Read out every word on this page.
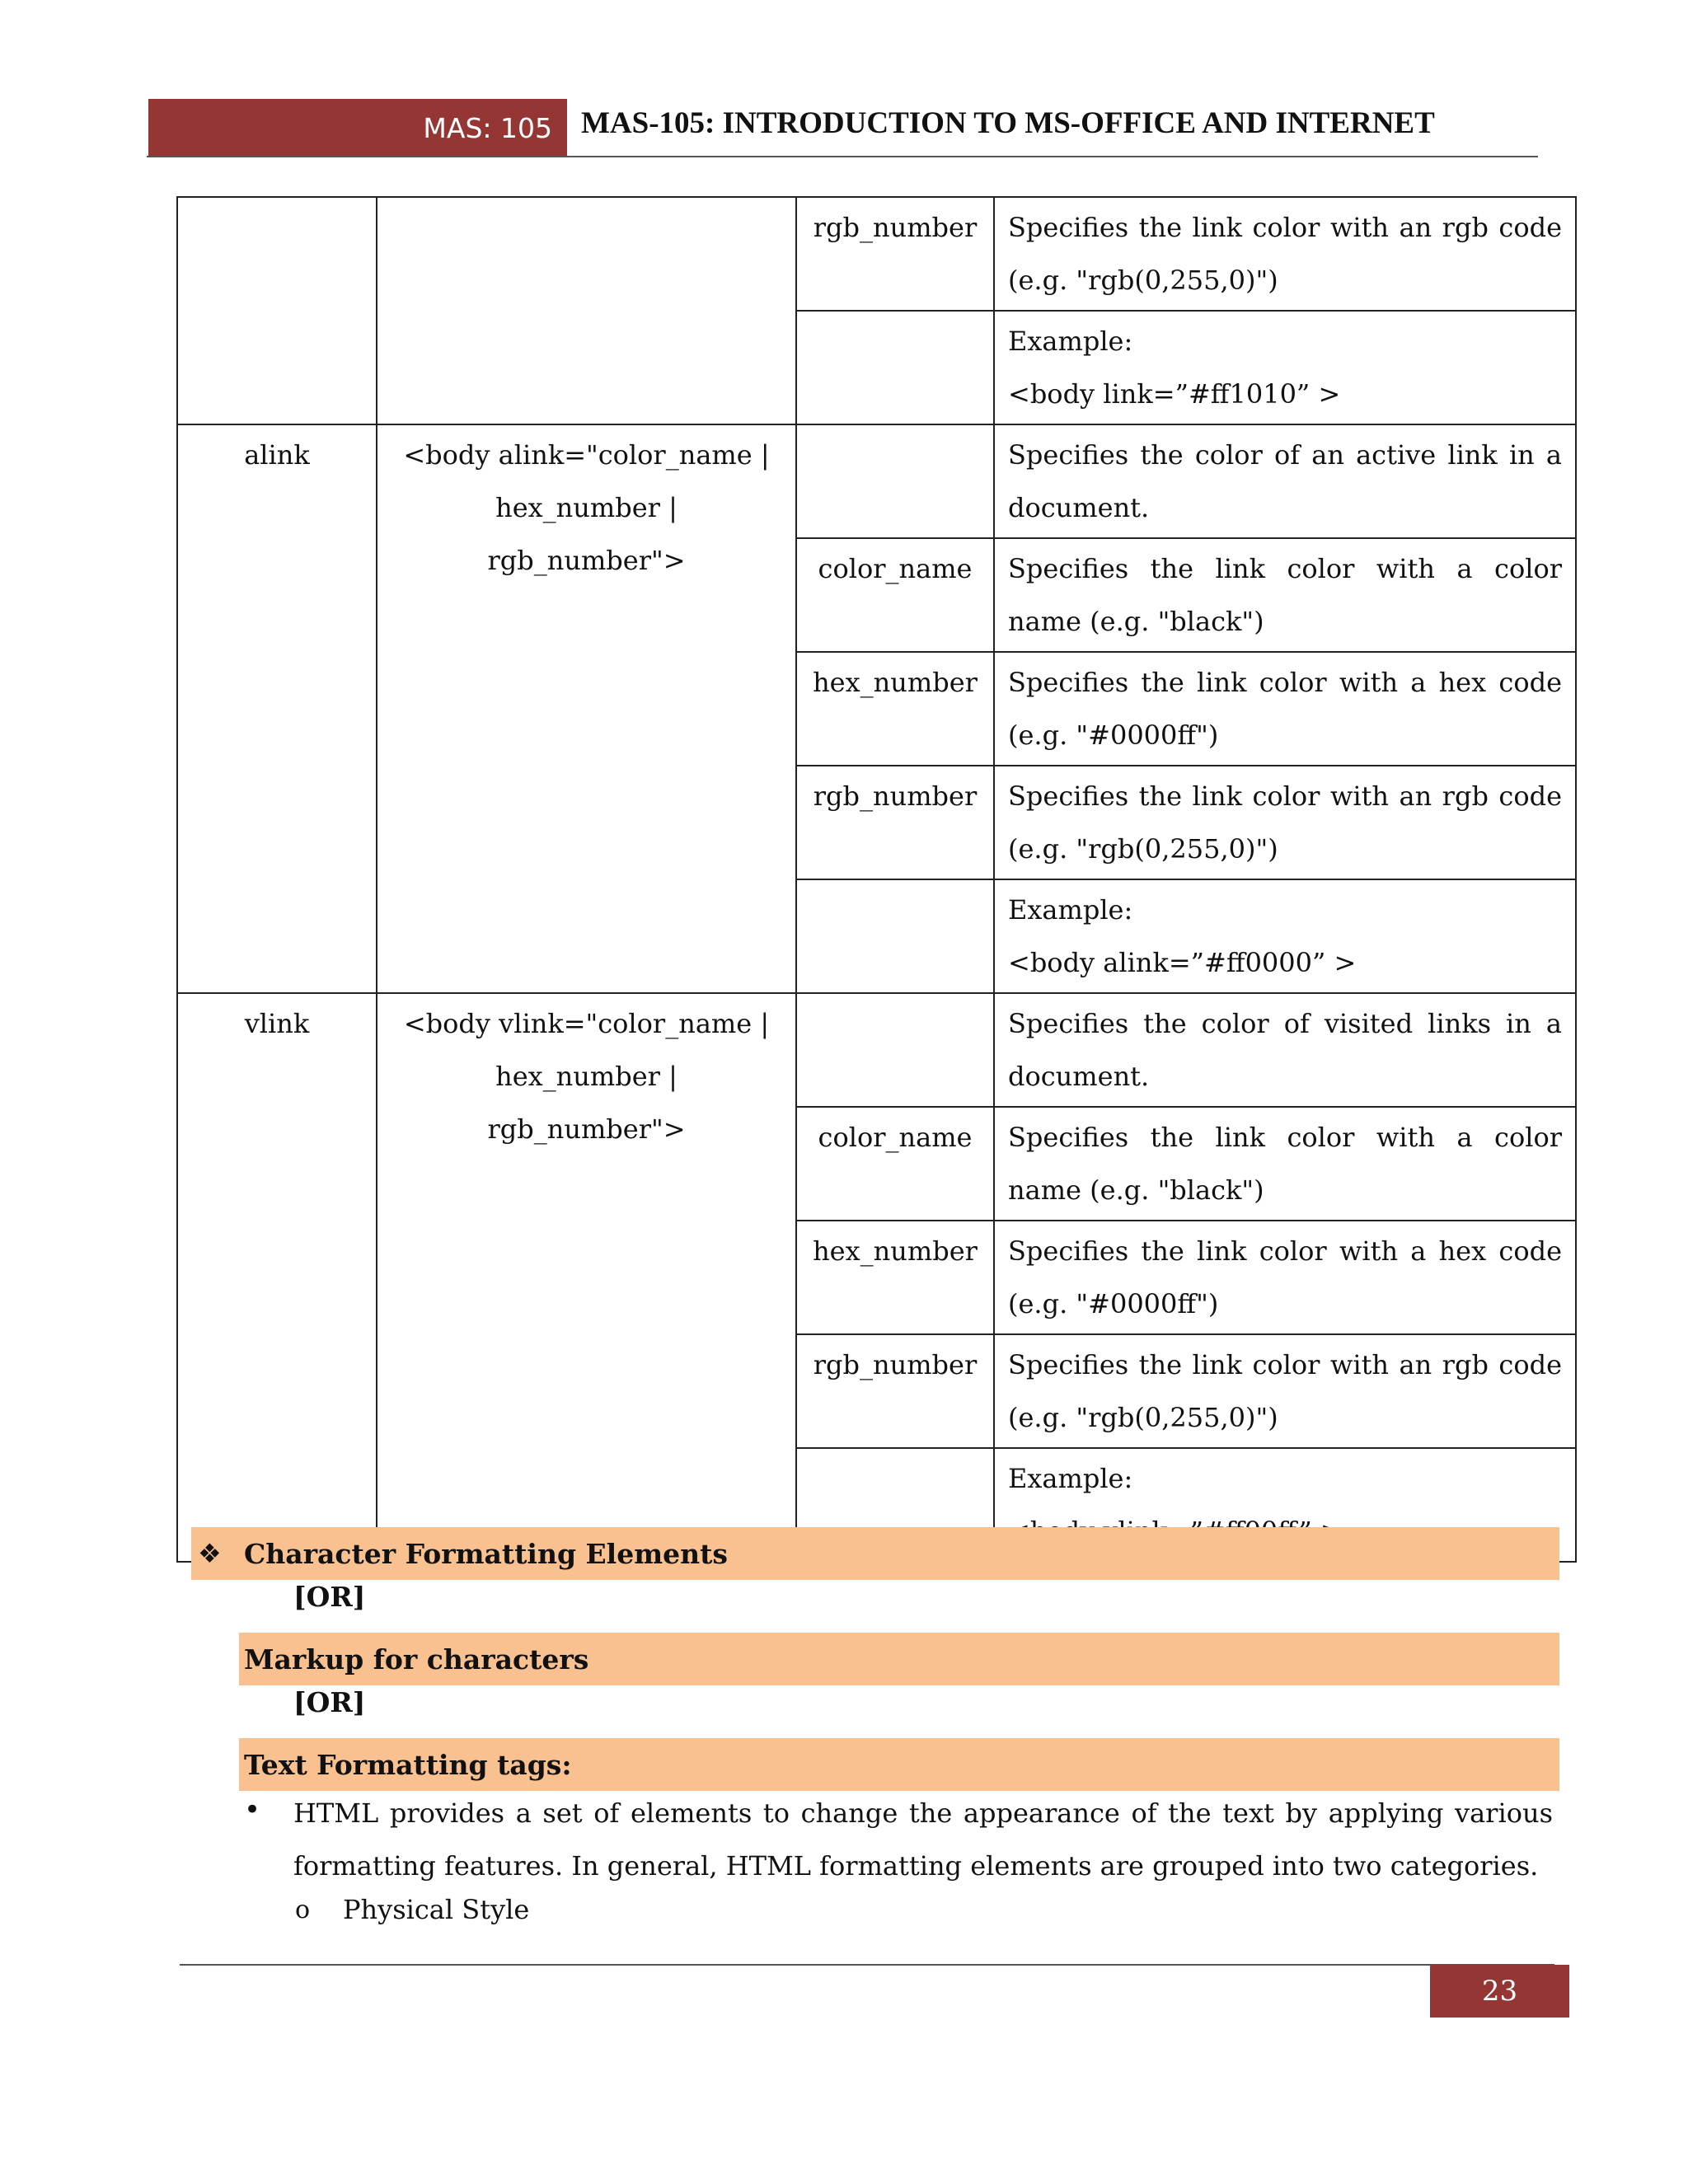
MAS: 105 MAS-105: INTRODUCTION TO MS-OFFICE AND INTERNET
		rgb_number	Specifies the link color with an rgb code (e.g. "rgb(0,255,0)")

			Example:
<body link=”#ff1010” >

alink	<body alink="color_name | hex_number | rgb_number">		Specifies the color of an active link in a document.
		color_name	Specifies the link color with a color name (e.g. "black")
		hex_number	Specifies the link color with a hex code (e.g. "#0000ff")
		rgb_number	Specifies the link color with an rgb code (e.g. "rgb(0,255,0)")

			Example:
<body alink=”#ff0000” >

vlink	<body vlink="color_name | hex_number | rgb_number">		Specifies the color of visited links in a document.
		color_name	Specifies the link color with a color name (e.g. "black")
		hex_number	Specifies the link color with a hex code (e.g. "#0000ff")
		rgb_number	Specifies the link color with an rgb code (e.g. "rgb(0,255,0)")

			Example:
Character Formatting Elements
❖
[OR]
Markup for characters
[OR]
Text Formatting tags:
• HTML provides a set of elements to change the appearance of the text by applying various formatting features. In general, HTML formatting elements are grouped into two categories.
o Physical Style
23
